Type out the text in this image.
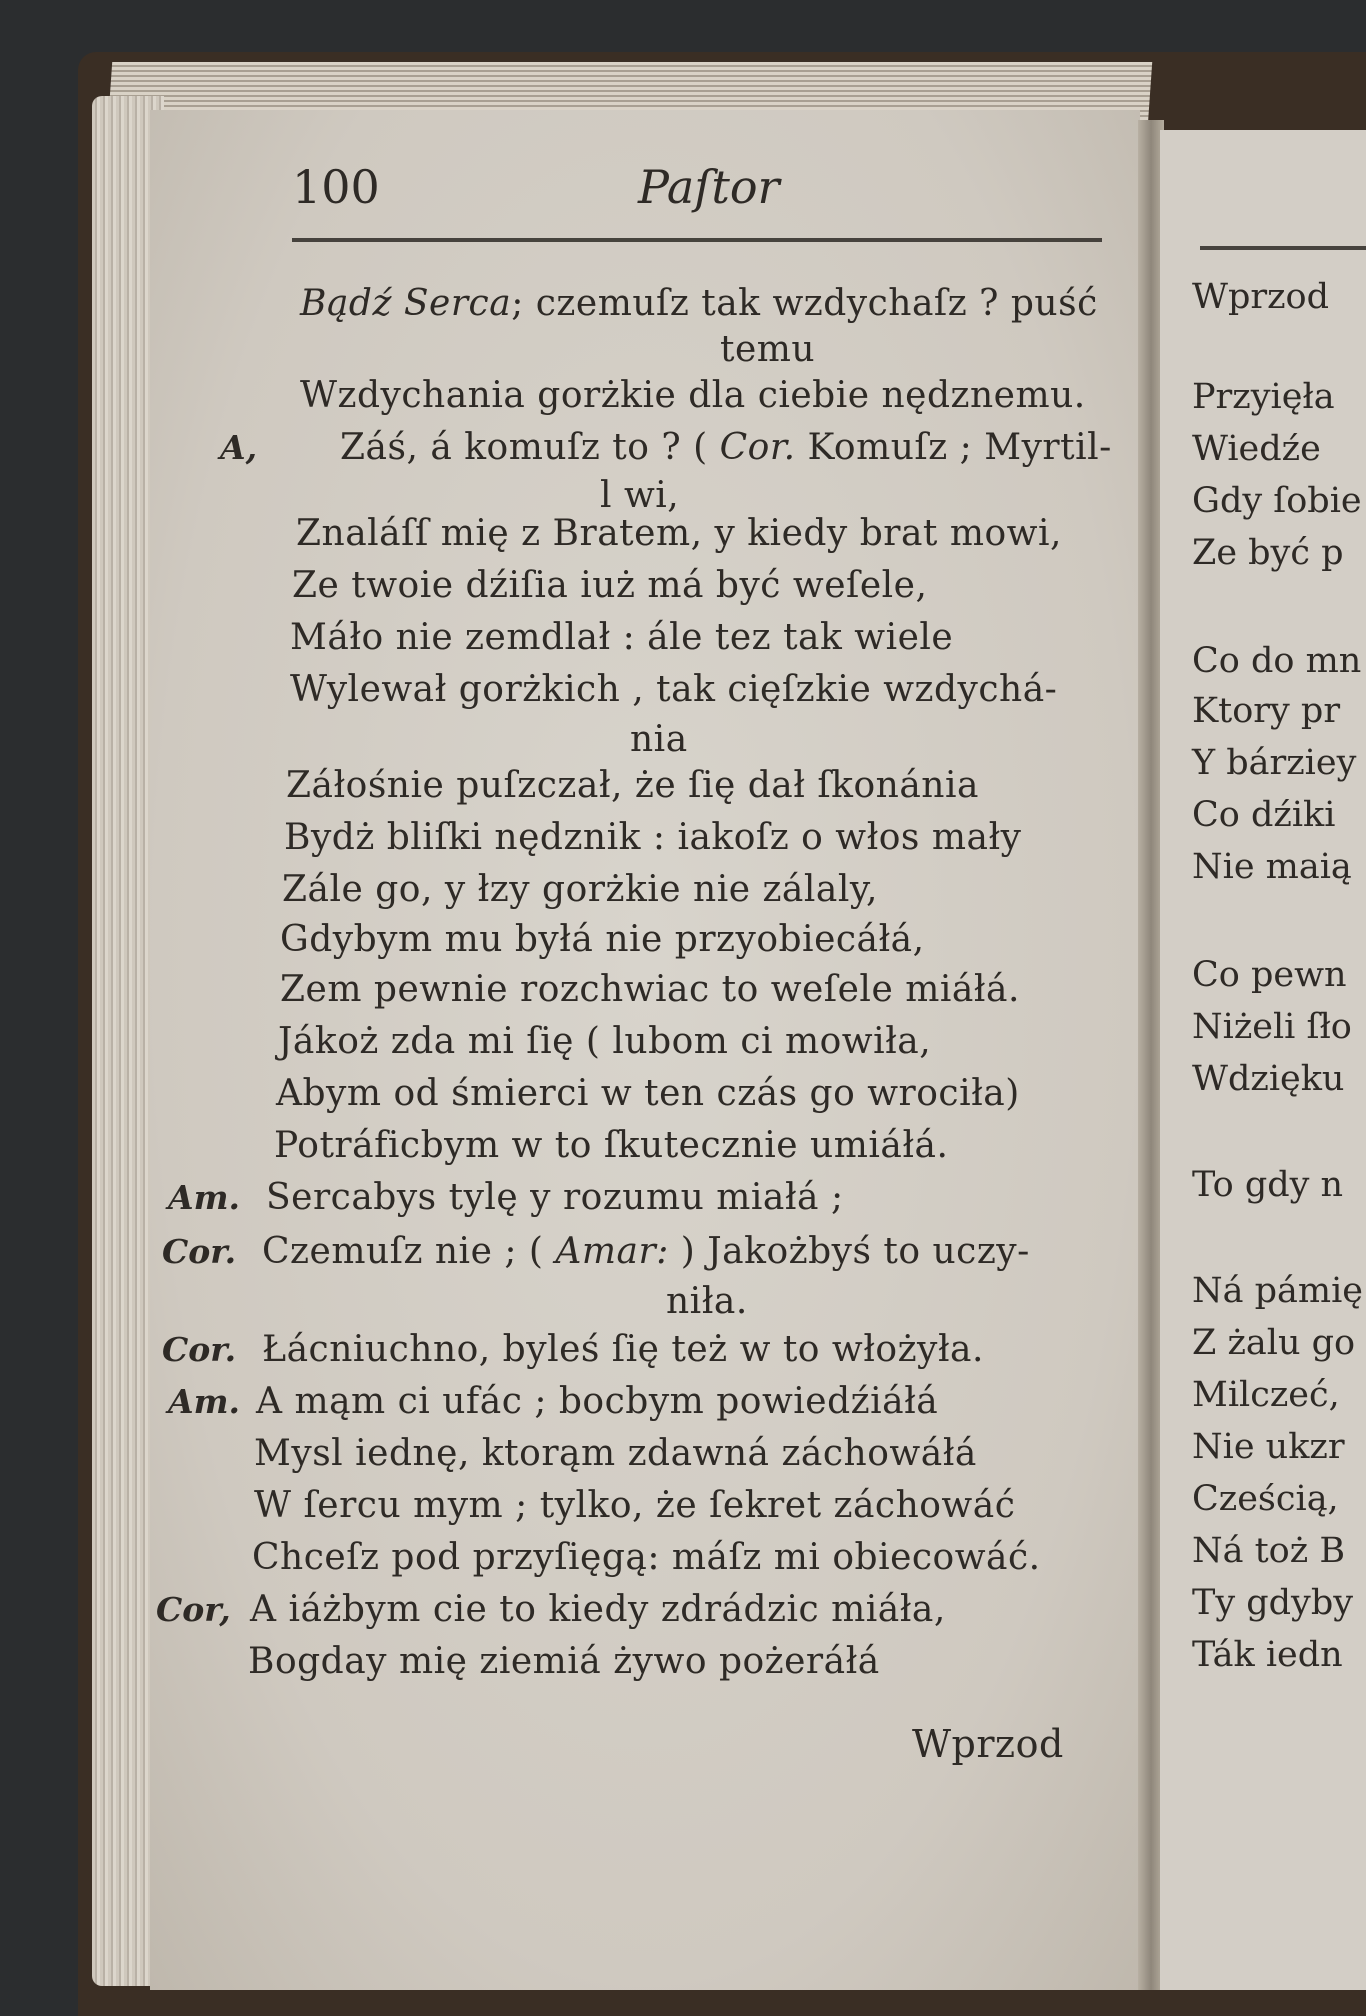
100	Paſtor
Bądź Serca; czemuſz tak wzdychaſz ? puść
temu
Wzdychania gorżkie dla ciebie nędznemu.
Záś, á komuſz to ? ( Cor. Komuſz ; Myrtil-
A,
l wi,
Znaláſſ mię z Bratem, y kiedy brat mowi,
Ze twoie dźiſia iuż má być weſele,
Máło nie zemdlał : ále tez tak wiele
Wylewał gorżkich , tak cięſzkie wzdychá-
nia
Záłośnie puſzczał, że ſię dał ſkonánia
Bydż bliſki nędznik : iakoſz o włos mały
Zále go, y łzy gorżkie nie zálaly,
Gdybym mu byłá nie przyobiecáłá,
Zem pewnie rozchwiac to weſele miáłá.
Jákoż zda mi ſię ( lubom ci mowiła,
Abym od śmierci w ten czás go wrociła)
Potráficbym w to ſkutecznie umiáłá.
Sercabys tylę y rozumu miałá ;
Am.
Czemuſz nie ; ( Amar: ) Jakożbyś to uczy-
Cor.
niła.
Łácniuchno, byleś ſię też w to włożyła.
Cor.
A mąm ci ufác ; bocbym powiedźiáłá
Am.
Mysl iednę, ktorąm zdawná záchowáłá
W ſercu mym ; tylko, że ſekret záchowáć
Chceſz pod przyſięgą: máſz mi obiecowáć.
A iáżbym cie to kiedy zdrádzic miáła,
Cor,
Bogday mię ziemiá żywo pożeráłá
Wprzod
Wprzod
Przyięła
Wiedźe
Gdy ſobie
Ze być p
Co do mn
Ktory pr
Y bárziey
Co dźiki
Nie maią
Co pewn
Niżeli ſło
Wdzięku
To gdy n
Ná pámię
Z żalu go
Milczeć,
Nie ukzr
Cześcią,
Ná toż B
Ty gdyby
Ták iedn
